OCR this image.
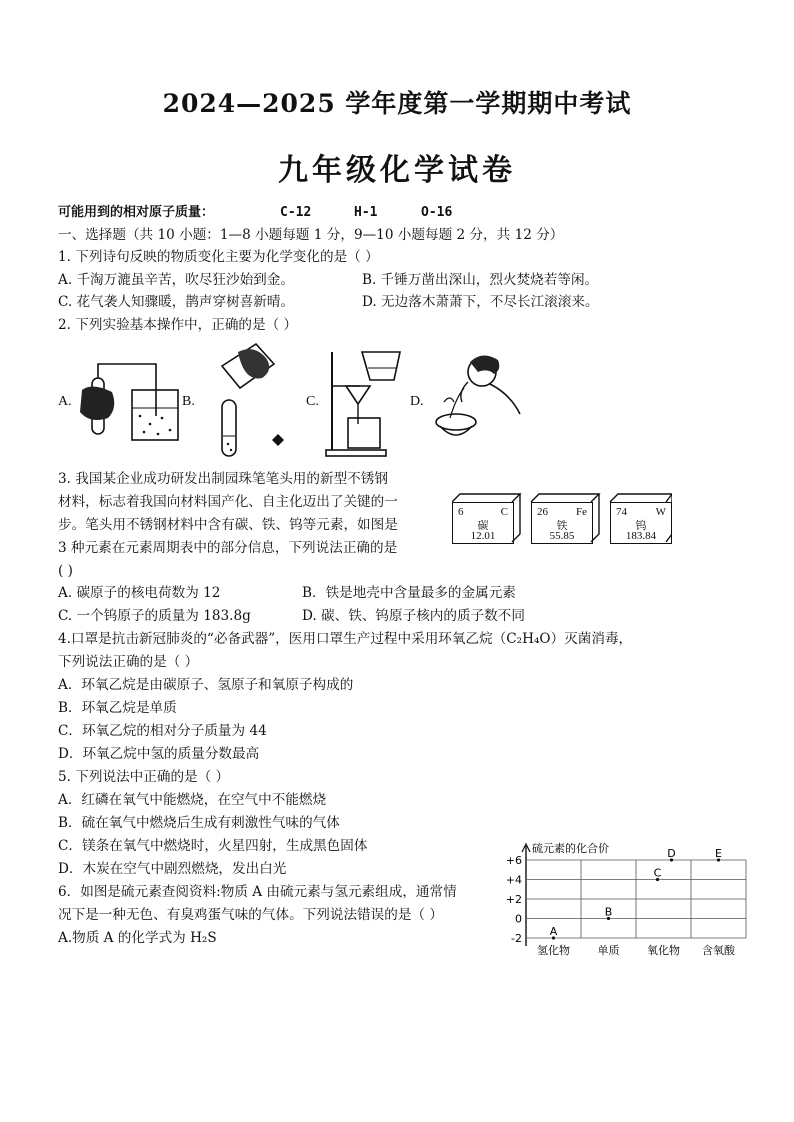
2024—2025 学年度第一学期期中考试
九年级化学试卷
可能用到的相对原子质量：	C-12	H-1	O-16
一、选择题（共 10 小题：1—8 小题每题 1 分，9—10 小题每题 2 分，共 12 分）
1. 下列诗句反映的物质变化主要为化学变化的是（ ）
A. 千淘万漉虽辛苦，吹尽狂沙始到金。	B. 千锤万凿出深山，烈火焚烧若等闲。
C. 花气袭人知骤暖，鹊声穿树喜新晴。	D. 无边落木萧萧下，不尽长江滚滚来。
2. 下列实验基本操作中，正确的是（ ）
A.	B.	C.	D.
3. 我国某企业成功研发出制园珠笔笔头用的新型不锈钢
材料，标志着我国向材料国产化、自主化迈出了关键的一
步。笔头用不锈钢材料中含有碳、铁、钨等元素，如图是
3 种元素在元素周期表中的部分信息，下列说法正确的是
( )
6	C
碳
12.01
26	Fe
铁
55.85
74	W
钨
183.84
A. 碳原子的核电荷数为 12	B．铁是地壳中含量最多的金属元素
C. 一个钨原子的质量为 183.8g	D. 碳、铁、钨原子核内的质子数不同
4.口罩是抗击新冠肺炎的“必备武器”，医用口罩生产过程中采用环氧乙烷（C₂H₄O）灭菌消毒，
下列说法正确的是（ ）
A．环氧乙烷是由碳原子、氢原子和氧原子构成的
B．环氧乙烷是单质
C．环氧乙烷的相对分子质量为 44
D．环氧乙烷中氢的质量分数最高
5. 下列说法中正确的是（ ）
A．红磷在氧气中能燃烧，在空气中不能燃烧
B．硫在氧气中燃烧后生成有刺激性气味的气体
C．镁条在氧气中燃烧时，火星四射，生成黑色固体
D．木炭在空气中剧烈燃烧，发出白光
6．如图是硫元素查阅资料:物质 A 由硫元素与氢元素组成，通常情
况下是一种无色、有臭鸡蛋气味的气体。下列说法错误的是（ ）
A.物质 A 的化学式为 H₂S
硫元素的化合价
+6
+4
+2
0
-2
氢化物	单质	氧化物 含氧酸
A
B
C
D	E
